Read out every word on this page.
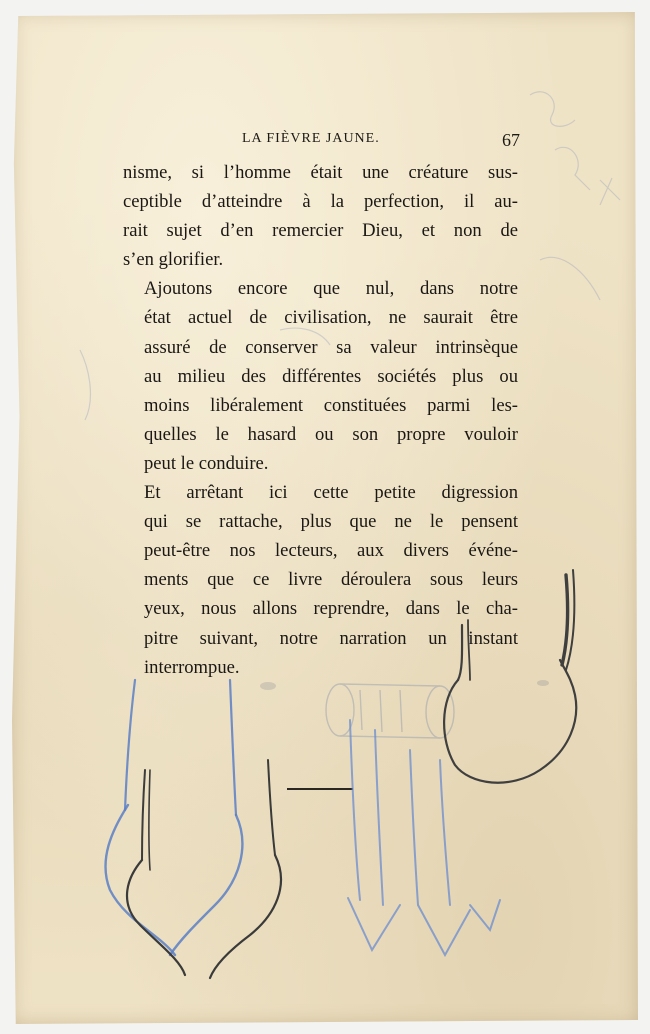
LA FIÈVRE JAUNE.	67

nisme, si l’homme était une créature sus-
ceptible d’atteindre à la perfection, il au-
rait sujet d’en remercier Dieu, et non de
s’en glorifier.

Ajoutons encore que nul, dans notre
état actuel de civilisation, ne saurait être
assuré de conserver sa valeur intrinsèque
au milieu des différentes sociétés plus ou
moins libéralement constituées parmi les-
quelles le hasard ou son propre vouloir
peut le conduire.

Et arrêtant ici cette petite digression
qui se rattache, plus que ne le pensent
peut-être nos lecteurs, aux divers événe-
ments que ce livre déroulera sous leurs
yeux, nous allons reprendre, dans le cha-
pitre suivant, notre narration un instant
interrompue.
